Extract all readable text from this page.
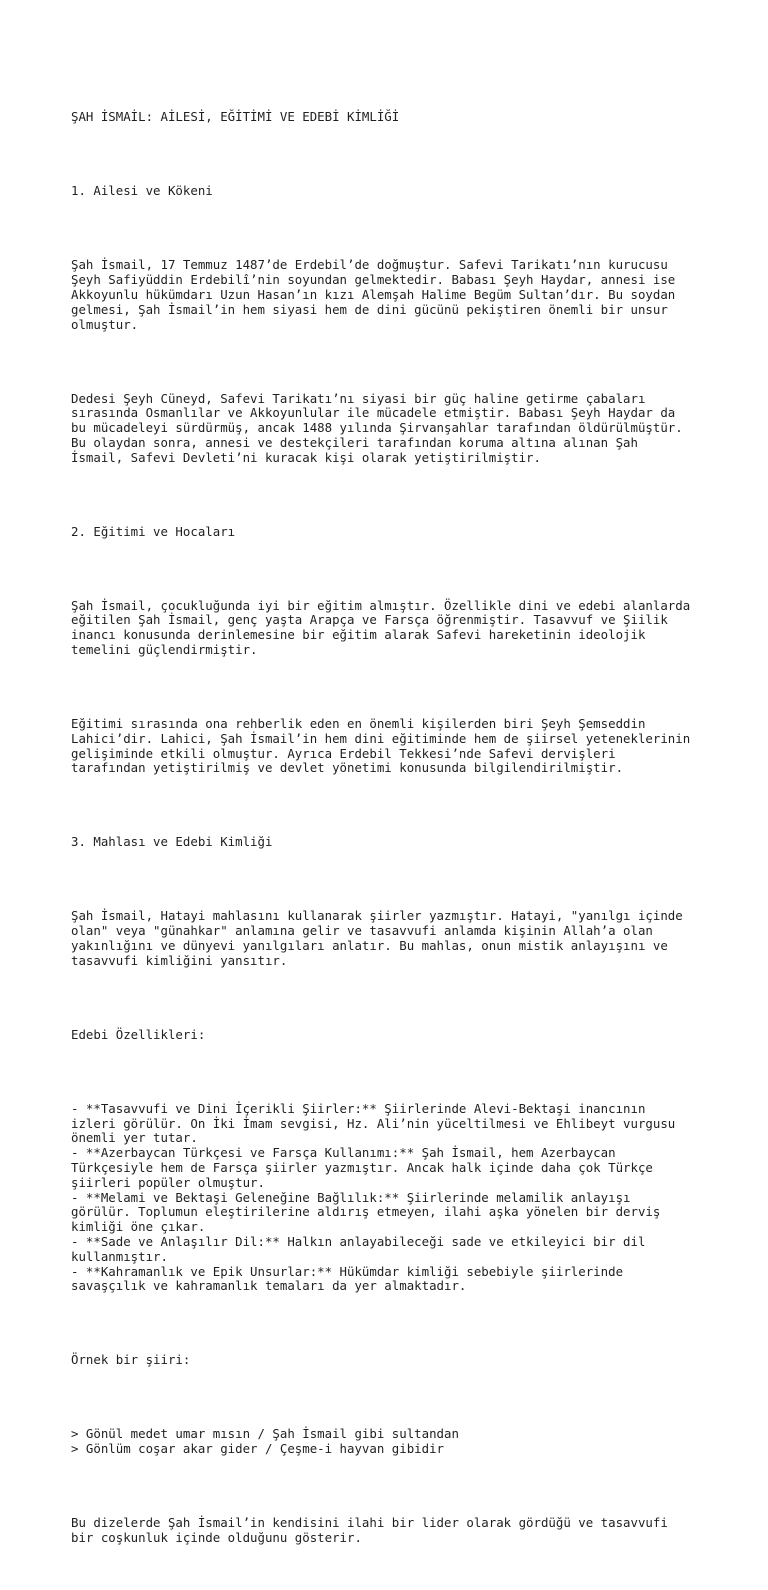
ŞAH İSMAİL: AİLESİ, EĞİTİMİ VE EDEBİ KİMLİĞİ

1. Ailesi ve Kökeni

Şah İsmail, 17 Temmuz 1487’de Erdebil’de doğmuştur. Safevi Tarikatı’nın kurucusu
Şeyh Safiyüddin Erdebilî’nin soyundan gelmektedir. Babası Şeyh Haydar, annesi ise
Akkoyunlu hükümdarı Uzun Hasan’ın kızı Alemşah Halime Begüm Sultan’dır. Bu soydan
gelmesi, Şah İsmail’in hem siyasi hem de dini gücünü pekiştiren önemli bir unsur
olmuştur.

Dedesi Şeyh Cüneyd, Safevi Tarikatı’nı siyasi bir güç haline getirme çabaları
sırasında Osmanlılar ve Akkoyunlular ile mücadele etmiştir. Babası Şeyh Haydar da
bu mücadeleyi sürdürmüş, ancak 1488 yılında Şirvanşahlar tarafından öldürülmüştür.
Bu olaydan sonra, annesi ve destekçileri tarafından koruma altına alınan Şah
İsmail, Safevi Devleti’ni kuracak kişi olarak yetiştirilmiştir.

2. Eğitimi ve Hocaları

Şah İsmail, çocukluğunda iyi bir eğitim almıştır. Özellikle dini ve edebi alanlarda
eğitilen Şah İsmail, genç yaşta Arapça ve Farsça öğrenmiştir. Tasavvuf ve Şiilik
inancı konusunda derinlemesine bir eğitim alarak Safevi hareketinin ideolojik
temelini güçlendirmiştir.

Eğitimi sırasında ona rehberlik eden en önemli kişilerden biri Şeyh Şemseddin
Lahici’dir. Lahici, Şah İsmail’in hem dini eğitiminde hem de şiirsel yeteneklerinin
gelişiminde etkili olmuştur. Ayrıca Erdebil Tekkesi’nde Safevi dervişleri
tarafından yetiştirilmiş ve devlet yönetimi konusunda bilgilendirilmiştir.

3. Mahlası ve Edebi Kimliği

Şah İsmail, Hatayi mahlasını kullanarak şiirler yazmıştır. Hatayi, "yanılgı içinde
olan" veya "günahkar" anlamına gelir ve tasavvufi anlamda kişinin Allah’a olan
yakınlığını ve dünyevi yanılgıları anlatır. Bu mahlas, onun mistik anlayışını ve
tasavvufi kimliğini yansıtır.

Edebi Özellikleri:

- **Tasavvufi ve Dini İçerikli Şiirler:** Şiirlerinde Alevi-Bektaşi inancının
izleri görülür. On İki İmam sevgisi, Hz. Ali’nin yüceltilmesi ve Ehlibeyt vurgusu
önemli yer tutar.
- **Azerbaycan Türkçesi ve Farsça Kullanımı:** Şah İsmail, hem Azerbaycan
Türkçesiyle hem de Farsça şiirler yazmıştır. Ancak halk içinde daha çok Türkçe
şiirleri popüler olmuştur.
- **Melami ve Bektaşi Geleneğine Bağlılık:** Şiirlerinde melamilik anlayışı
görülür. Toplumun eleştirilerine aldırış etmeyen, ilahi aşka yönelen bir derviş
kimliği öne çıkar.
- **Sade ve Anlaşılır Dil:** Halkın anlayabileceği sade ve etkileyici bir dil
kullanmıştır.
- **Kahramanlık ve Epik Unsurlar:** Hükümdar kimliği sebebiyle şiirlerinde
savaşçılık ve kahramanlık temaları da yer almaktadır.

Örnek bir şiiri:

> Gönül medet umar mısın / Şah İsmail gibi sultandan
> Gönlüm coşar akar gider / Çeşme-i hayvan gibidir

Bu dizelerde Şah İsmail’in kendisini ilahi bir lider olarak gördüğü ve tasavvufi
bir coşkunluk içinde olduğunu gösterir.
